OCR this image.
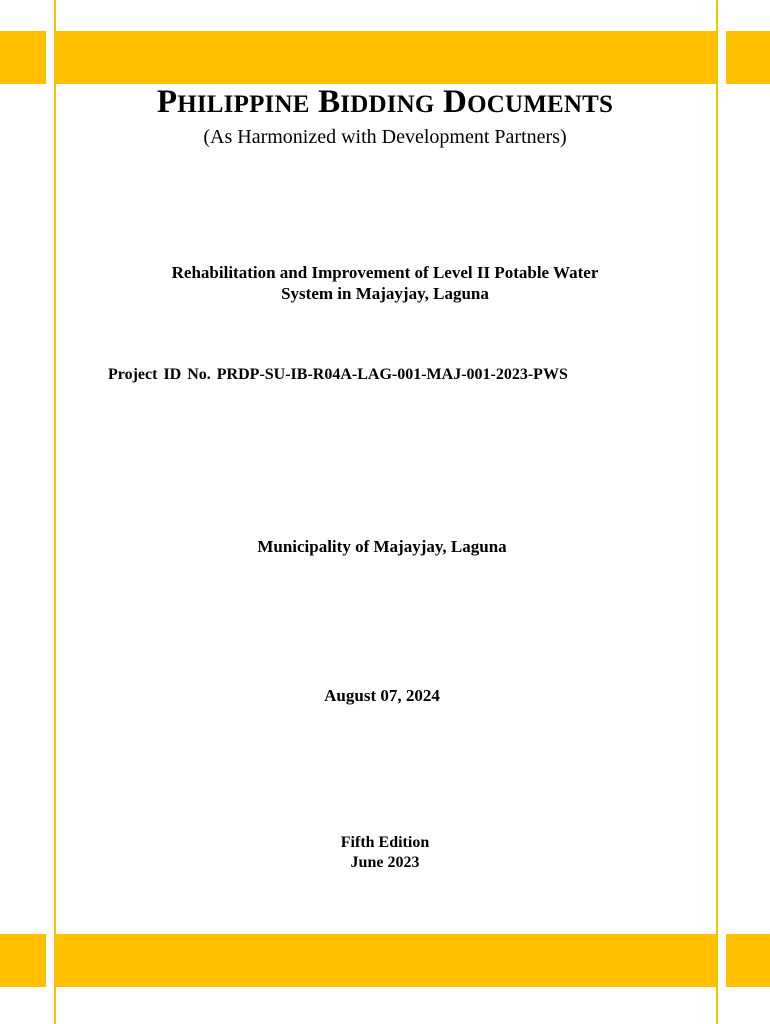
PHILIPPINE BIDDING DOCUMENTS
(As Harmonized with Development Partners)
Rehabilitation and Improvement of Level II Potable Water
System in Majayjay, Laguna
Project ID No. PRDP-SU-IB-R04A-LAG-001-MAJ-001-2023-PWS
Municipality of Majayjay, Laguna
August 07, 2024
Fifth Edition
June 2023
